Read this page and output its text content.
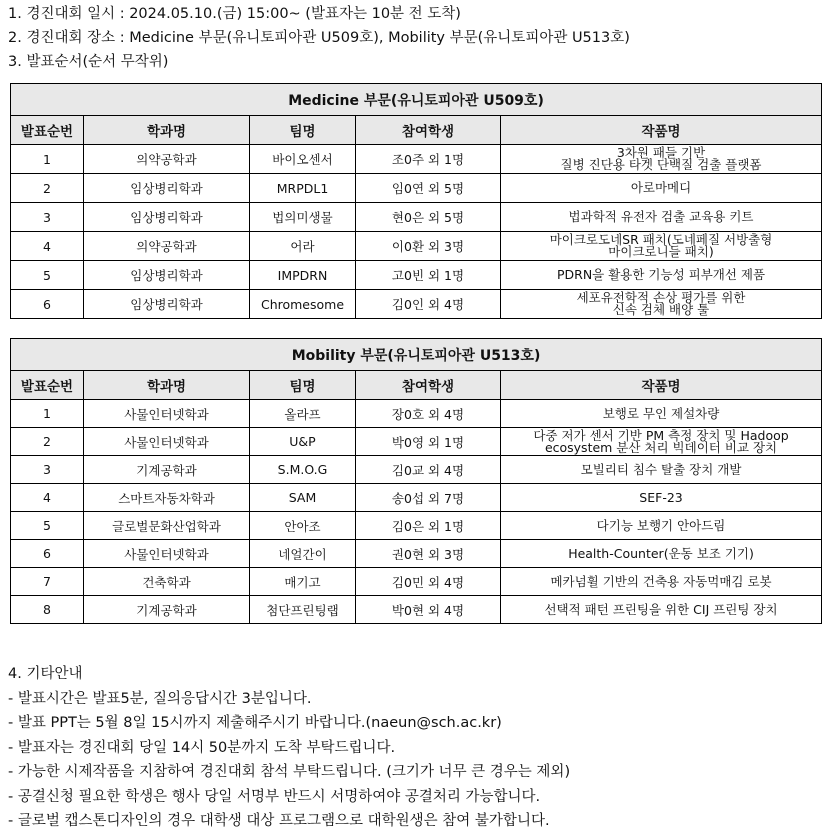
1. 경진대회 일시 : 2024.05.10.(금) 15:00~ (발표자는 10분 전 도착)
2. 경진대회 장소 : Medicine 부문(유니토피아관 U509호), Mobility 부문(유니토피아관 U513호)
3. 발표순서(순서 무작위)
Medicine 부문(유니토피아관 U509호)				
발표순번	학과명	팀명	참여학생	작품명
1	의약공학과	바이오센서	조0주 외 1명	3차원 패들 기반
질병 진단용 타겟 단백질 검출 플랫폼

2	임상병리학과	MRPDL1	임0연 외 5명	아로마메디

3	임상병리학과	법의미생물	현0은 외 5명	법과학적 유전자 검출 교육용 키트

4	의약공학과	어라	이0환 외 3명	마이크로도네SR 패치(도네페질 서방출형
마이크로니들 패치)

5	임상병리학과	IMPDRN	고0빈 외 1명	PDRN을 활용한 기능성 피부개선 제품

6	임상병리학과	Chromesome	김0인 외 4명	세포유전학적 손상 평가를 위한
신속 검체 배양 툴
Mobility 부문(유니토피아관 U513호)				
발표순번	학과명	팀명	참여학생	작품명
1	사물인터넷학과	올라프	장0호 외 4명	보행로 무인 제설차량

2	사물인터넷학과	U&P	박0영 외 1명	다중 저가 센서 기반 PM 측정 장치 및 Hadoop
ecosystem 분산 처리 빅데이터 비교 장치

3	기계공학과	S.M.O.G	김0교 외 4명	모빌리티 침수 탈출 장치 개발

4	스마트자동차학과	SAM	송0섭 외 7명	SEF-23

5	글로벌문화산업학과	안아조	김0은 외 1명	다기능 보행기 안아드림

6	사물인터넷학과	네얼간이	권0현 외 3명	Health-Counter(운동 보조 기기)

7	건축학과	매기고	김0민 외 4명	메카넘휠 기반의 건축용 자동먹매김 로봇

8	기계공학과	첨단프린팅랩	박0현 외 4명	선택적 패턴 프린팅을 위한 CIJ 프린팅 장치
4. 기타안내
- 발표시간은 발표5분, 질의응답시간 3분입니다.
- 발표 PPT는 5월 8일 15시까지 제출해주시기 바랍니다.(naeun@sch.ac.kr)
- 발표자는 경진대회 당일 14시 50분까지 도착 부탁드립니다.
- 가능한 시제작품을 지참하여 경진대회 참석 부탁드립니다. (크기가 너무 큰 경우는 제외)
- 공결신청 필요한 학생은 행사 당일 서명부 반드시 서명하여야 공결처리 가능합니다.
- 글로벌 캡스톤디자인의 경우 대학생 대상 프로그램으로 대학원생은 참여 불가합니다.
